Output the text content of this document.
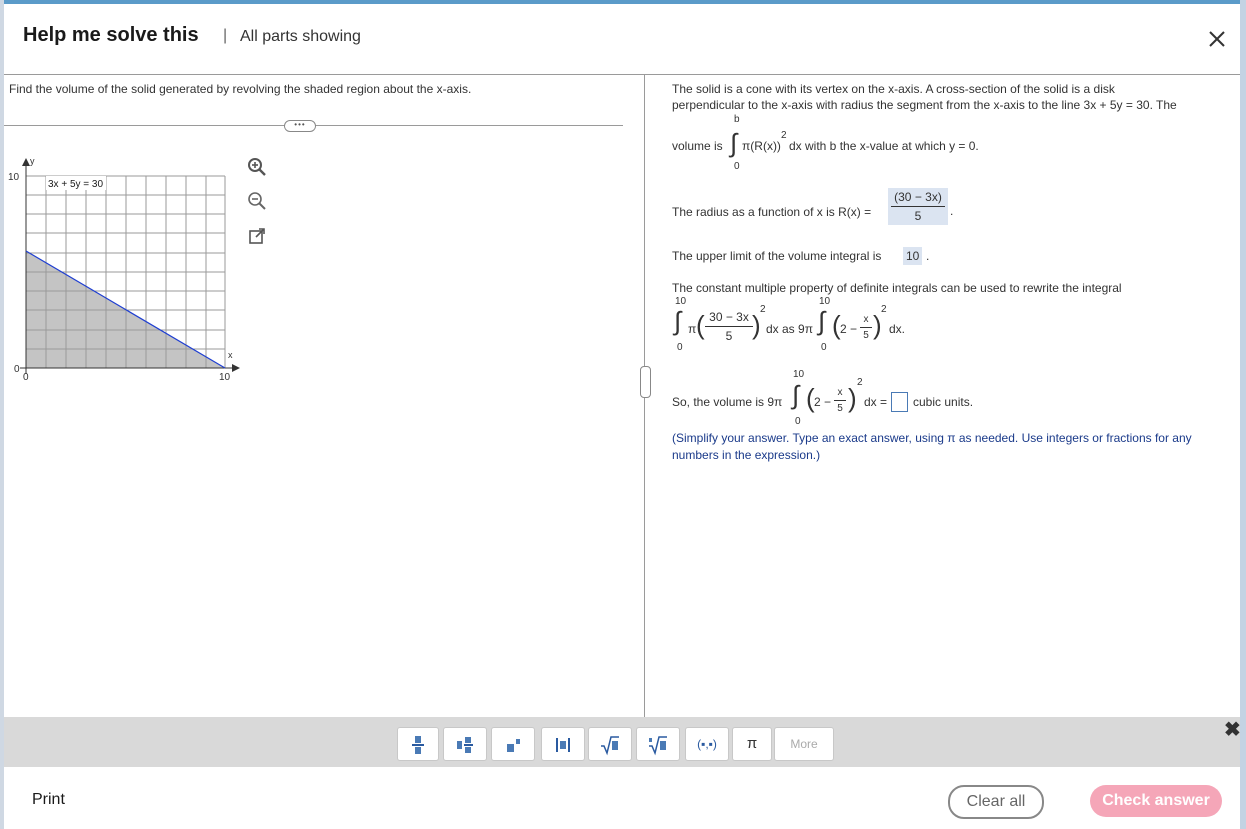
Help me solve this | All parts showing
Find the volume of the solid generated by revolving the shaded region about the x-axis.
•••
3x + 5y = 30
y
x
10
0
0	10
The solid is a cone with its vertex on the x-axis. A cross-section of the solid is a disk
perpendicular to the x-axis with radius the segment from the x-axis to the line 3x + 5y = 30. The
volume is
b
∫
0
π(R(x))
2
dx with b the x-value at which y = 0.
The radius as a function of x is R(x) =
(30 − 3x)
5	.
The upper limit of the volume integral is 10 .
The constant multiple property of definite integrals can be used to rewrite the integral
10
∫
0
π ( 30 − 3x
5 )
2
dx as 9π
10
∫
0
( 2 −
x
5 )
2
dx.
So, the volume is 9π
10
∫
0
( 2 −
x
5 )
2
dx = cubic units.
(Simplify your answer. Type an exact answer, using π as needed. Use integers or fractions for any numbers in the expression.)
(▪,▪)	π	More
✖
Print	Clear all	Check answer
